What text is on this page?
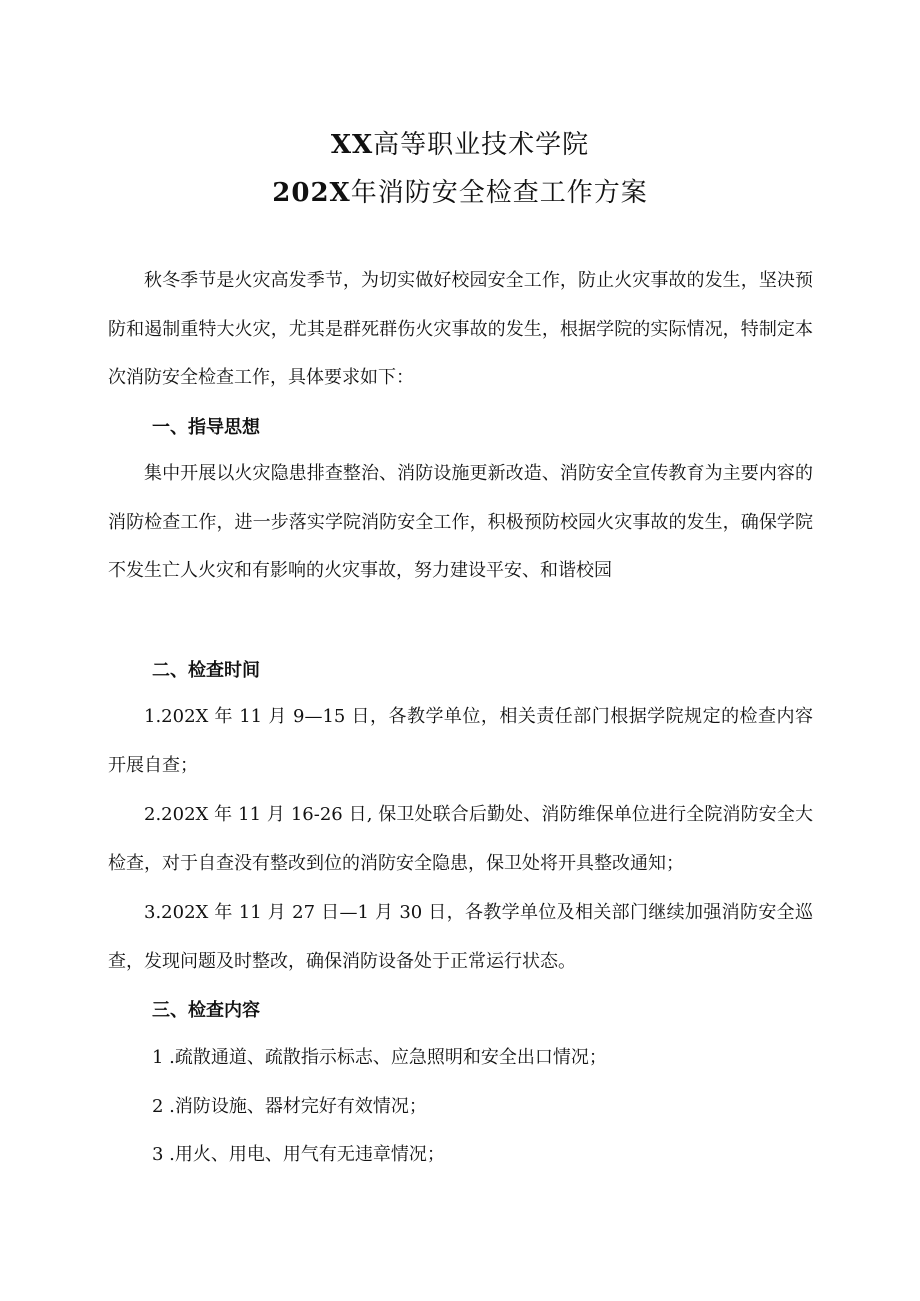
XX高等职业技术学院
202X年消防安全检查工作方案

秋冬季节是火灾高发季节，为切实做好校园安全工作，防止火灾事故的发生，坚决预防和遏制重特大火灾，尤其是群死群伤火灾事故的发生，根据学院的实际情况，特制定本次消防安全检查工作，具体要求如下：

一、指导思想

集中开展以火灾隐患排查整治、消防设施更新改造、消防安全宣传教育为主要内容的消防检查工作，进一步落实学院消防安全工作，积极预防校园火灾事故的发生，确保学院不发生亡人火灾和有影响的火灾事故，努力建设平安、和谐校园

二、检查时间

1.202X 年 11 月 9—15 日，各教学单位，相关责任部门根据学院规定的检查内容开展自查；

2.202X 年 11 月 16-26 日, 保卫处联合后勤处、消防维保单位进行全院消防安全大检查，对于自查没有整改到位的消防安全隐患，保卫处将开具整改通知；

3.202X 年 11 月 27 日—1 月 30 日，各教学单位及相关部门继续加强消防安全巡查，发现问题及时整改，确保消防设备处于正常运行状态。

三、检查内容

1 .疏散通道、疏散指示标志、应急照明和安全出口情况；

2 .消防设施、器材完好有效情况；

3 .用火、用电、用气有无违章情况；
